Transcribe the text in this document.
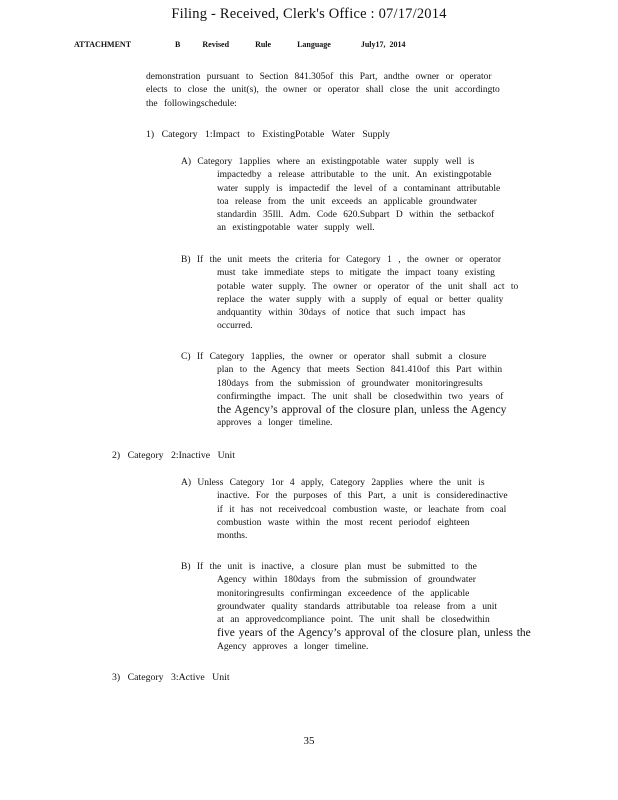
Filing - Received, Clerk's Office : 07/17/2014
ATTACHMENT	B	Revised	Rule	Language	July17, 2014
demonstration pursuant to Section 841.305of this Part, andthe owner or operator
elects to close the unit(s), the owner or operator shall close the unit accordingto
the followingschedule:
1) Category 1:Impact to ExistingPotable Water Supply
A) Category 1applies where an existingpotable water supply well is
impactedby a release attributable to the unit. An existingpotable
water supply is impactedif the level of a contaminant attributable
toa release from the unit exceeds an applicable groundwater
standardin 35Ill. Adm. Code 620.Subpart D within the setbackof
an existingpotable water supply well.
B) If the unit meets the criteria for Category 1 , the owner or operator
must take immediate steps to mitigate the impact toany existing
potable water supply. The owner or operator of the unit shall act to
replace the water supply with a supply of equal or better quality
andquantity within 30days of notice that such impact has
occurred.
C) If Category 1applies, the owner or operator shall submit a closure
plan to the Agency that meets Section 841.410of this Part within
180days from the submission of groundwater monitoringresults
confirmingthe impact. The unit shall be closedwithin two years of
the Agency’s approval of the closure plan, unless the Agency
approves a longer timeline.
2) Category 2:Inactive Unit
A) Unless Category 1or 4 apply, Category 2applies where the unit is
inactive. For the purposes of this Part, a unit is consideredinactive
if it has not receivedcoal combustion waste, or leachate from coal
combustion waste within the most recent periodof eighteen
months.
B) If the unit is inactive, a closure plan must be submitted to the
Agency within 180days from the submission of groundwater
monitoringresults confirmingan exceedence of the applicable
groundwater quality standards attributable toa release from a unit
at an approvedcompliance point. The unit shall be closedwithin
five years of the Agency’s approval of the closure plan, unless the
Agency approves a longer timeline.
3) Category 3:Active Unit
35
